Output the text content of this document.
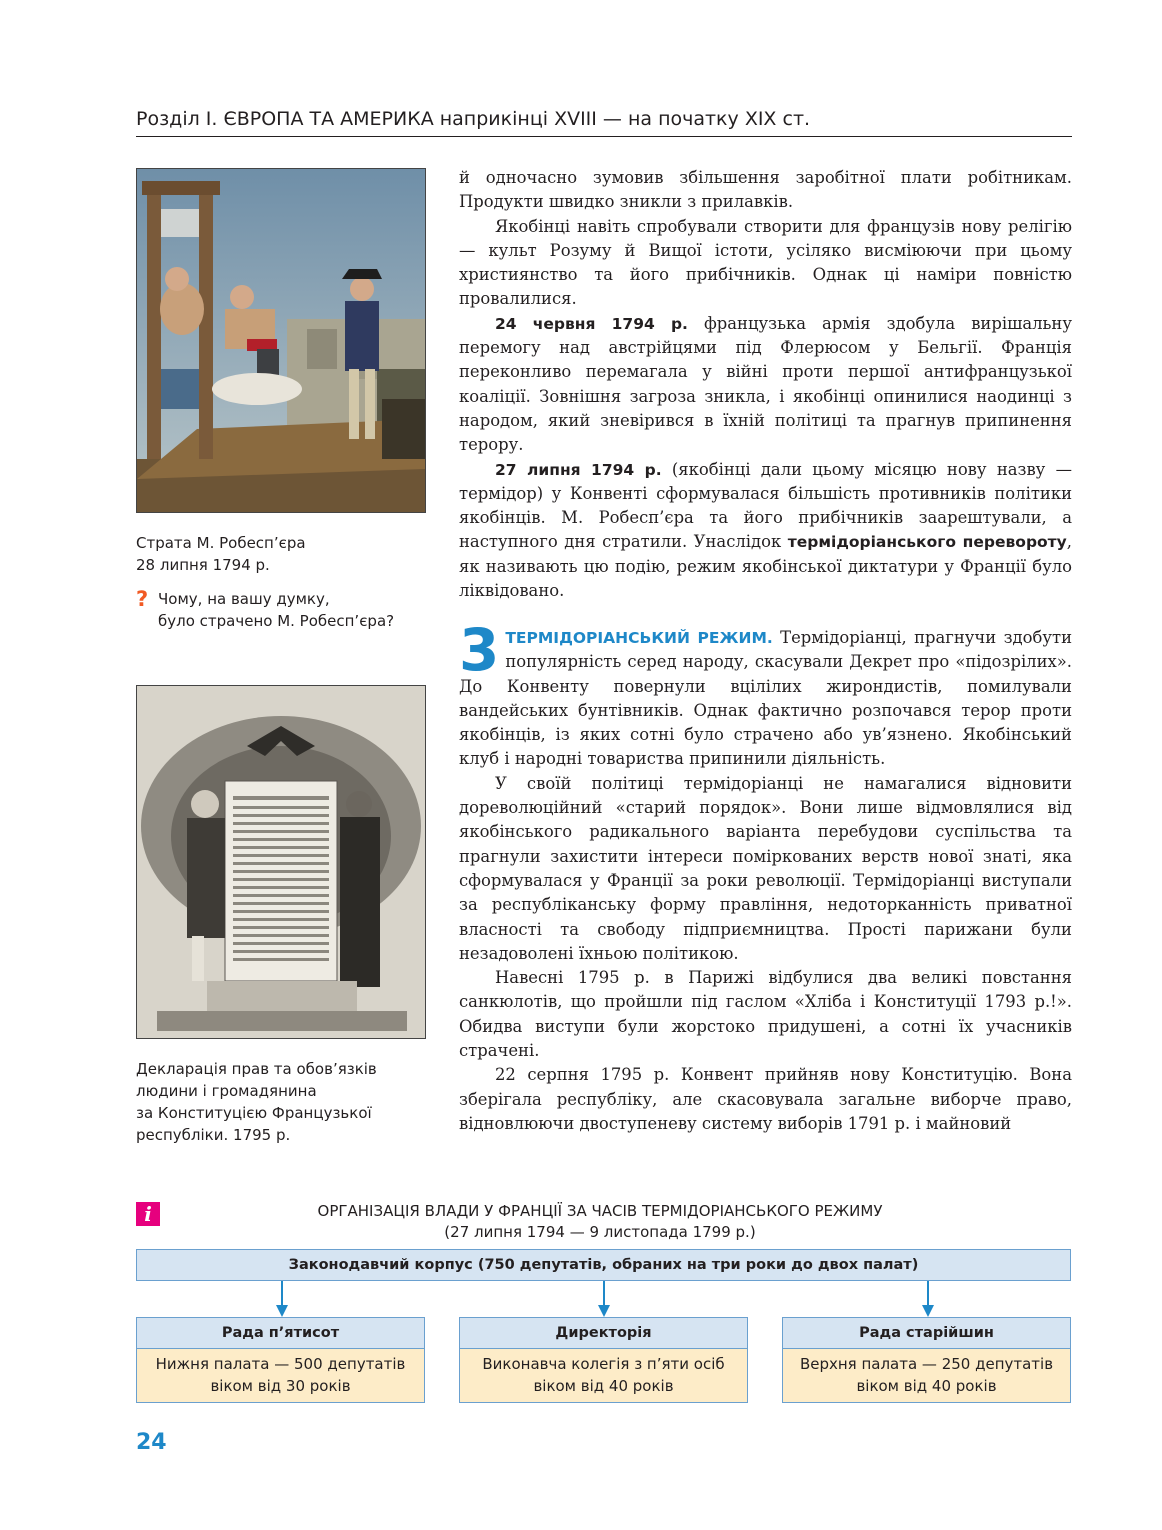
Розділ І. ЄВРОПА ТА АМЕРИКА наприкінці XVIII — на початку XIX ст.
Страта М. Робесп’єра
28 липня 1794 р.
? Чому, на вашу думку,
було страчено М. Робесп’єра?
Декларація прав та обов’язків
людини і громадянина
за Конституцією Французької
республіки. 1795 р.

й одночасно зумовив збільшення заробітної плати робітникам. Продукти швидко зникли з прилавків.

Якобінці навіть спробували створити для французів нову релігію — культ Розуму й Вищої істоти, усіляко висміюючи при цьому християнство та його прибічників. Однак ці наміри повністю провалилися.

24 червня 1794 р. французька армія здобула вирішальну перемогу над австрійцями під Флерюсом у Бельгії. Франція переконливо перемагала у війні проти першої антифранцузької коаліції. Зовнішня загроза зникла, і якобінці опинилися наодинці з народом, який зневірився в їхній політиці та прагнув припинення терору.

27 липня 1794 р. (якобінці дали цьому місяцю нову назву — термідор) у Конвенті сформувалася більшість противників політики якобінців. М. Робесп’єра та його прибічників заарештували, а наступного дня стратили. Унаслідок термідоріанського перевороту, як називають цю подію, режим якобінської диктатури у Франції було ліквідовано.

3 ТЕРМІДОРІАНСЬКИЙ РЕЖИМ. Термідоріанці, прагнучи здобути популярність серед народу, скасували Декрет про «підозрілих». До Конвенту повернули вцілілих жирондистів, помилували вандейських бунтівників. Однак фактично розпочався терор проти якобінців, із яких сотні було страчено або ув’язнено. Якобінський клуб і народні товариства припинили діяльність.

У своїй політиці термідоріанці не намагалися відновити дореволюційний «старий порядок». Вони лише відмовлялися від якобінського радикального варіанта перебудови суспільства та прагнули захистити інтереси поміркованих верств нової знаті, яка сформувалася у Франції за роки революції. Термідоріанці виступали за республіканську форму правління, недоторканність приватної власності та свободу підприємництва. Прості парижани були незадоволені їхньою політикою.

Навесні 1795 р. в Парижі відбулися два великі повстання санкюлотів, що пройшли під гаслом «Хліба і Конституції 1793 р.!». Обидва виступи були жорстоко придушені, а сотні їх учасників страчені.

22 серпня 1795 р. Конвент прийняв нову Конституцію. Вона зберігала республіку, але скасовувала загальне виборче право, відновлюючи двоступеневу систему виборів 1791 р. і майновий

i	ОРГАНІЗАЦІЯ ВЛАДИ У ФРАНЦІЇ ЗА ЧАСІВ ТЕРМІДОРІАНСЬКОГО РЕЖИМУ
(27 липня 1794 — 9 листопада 1799 р.)
Законодавчий корпус (750 депутатів, обраних на три роки до двох палат)
Рада п’ятисот
Нижня палата — 500 депутатів
віком від 30 років
Директорія
Виконавча колегія з п’яти осіб
віком від 40 років
Рада старійшин
Верхня палата — 250 депутатів
віком від 40 років
24
